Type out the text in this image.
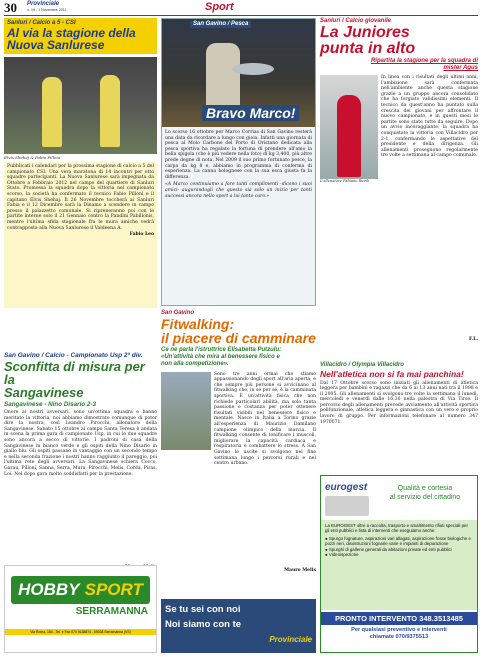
30 Provinciale
n. 19 - 1 Novembre 2011	Sport
Sanluri / Calcio a 5 - CSI
Al via la stagione della
Nuova Sanlurese
Elvis Shehaj & Fabio Pilloni

Pubblicati i calendari per la prossima stagione di calcio a 5 del campionato CSI. Una vera maratona di 14 incontri per otto squadre partecipanti. La Nuova Sanlurese sarà impegnata da Ottobre a Febbraio 2012 nel campo del quartiere di Sanluri Stato. Promossa la squadra dopo la vittoria nel campionato scorso, la società ha confermato il tecnico Fabio Pilloni e il capitano Elvis Shehaj. Il 26 Novembre toccherà ai Sanluri Fabia e il 12 Dicembre sarà la Dinamo a scendere in campo presso il palazzetto comunale. Si ripreneranno poi con le partite interne solo il 21 Gennaio contro la Pandini Pabillonis, mentre l'ultima sfida stagionale fra le mura amiche vedrà contrapposta alla Nuova Sanlurese il Valdeena A.

Fabio Leo
San Gavino / Calcio - Campionato Usp 2ª div.
Sconfitta di misura per la
Sangavinese
Sangavinese - Nino Disario 2-3

Onore ai nostri avversari, sono un'ottima squadra e hanno meritato la vittoria, noi abbiamo dimostrato comunque di poter dire la nostra, così Leandro Pirocchi, allenatore della Sangavinese. Sabato 15 ottobre al campo Santa Teresa è andata in scena la prima gara di campionato Usp, in cui le due squadre sono ancora a secco di vittorie. I padroni di casa della Sangavinese in bianco verde e gli ospiti della Nino Disario in giallo blu. Gli ospiti passano in vantaggio con un secondo tempo e nella seconda frazione i nostri hanno raggiunto il pareggio, poi l'ultima rete degli avversari. La Sangavinese schiera Cocco, Garau, Pilloni, Sanna, Serra, Mura, Pirocchi, Melis, Corda, Piras, Loi. Nel dopo gara molto soddisfatti per la prestazione.

HOBBY SPORT
SERRAMANNA
Via Roma, 184 - Tel. e Fax 070 9138874 - 09038 Serramanna (VS)
San Gavino / Pesca
Bravo Marco!

Lo scorso 16 ottobre per Marco Corrias di San Gavino resterà una data da ricordare a lungo con gioia. Infatti una giornata di pesca al Molo Carbone del Porto di Oristano dedicata alla pesca sportiva ha regalato la fortuna di prendere all'amo la bella spigola (che è più vedere nella foto) di kg 3,400, più altre prede degne di nota. Nel 2009 il suo primo fortunato pesce, la carpa da kg 8 e, abbiamo in programma di conferma di esperienza. La canna bolognese con la sua esca giusta fa la differenza.

«A Marco continuiamo a fare tanti complimenti -dicono i suoi amici- augurandogli che questo sia solo un inizio per tanti successi ancora nello sport a lui tanto caro.»

San Gavino
Fitwalking:
il piacere di camminare
Ce ne parla l'istruttrice Elisabetta Putzulu:
«Un'attività che mira al benessere fisico e
non alla competizione».

Sono tre anni ormai che stiamo appassionando degli sport all'aria aperta, e che sempre più persone si avvicinano al fitwalking che, in sé per sé, è la camminata sportiva. È un'attività fisica che non richiede particolari abilità, ma solo tanta passione e costanza per poter ottenere risultati visibili nel benessere fisico e mentale. Nasce in Italia a Torino grazie all'esperienza di Maurizio Damilano campione olimpico della marcia. Il fitwalking consente di tonificare i muscoli, migliorare la capacità cardiaca e respiratoria e combattere lo stress. A San Gavino le uscite si svolgono nel fine settimana lungo i percorsi rurali e nel centro urbano.

Mauro Melis
Se tu sei con noi
Noi siamo con te
Provinciale
Sanluri / Calcio giovanile
La Juniores
punta in alto
Ripartita la stagione per la squadra di
mister Agus
L'allenatore Fabiano Ruedi

In linea con i risultati degli ultimi anni, l'ambizione sarà confermata nell'ambiente anche questa stagione grazie a un gruppo ancora consolidato che ha forgiato validissimi elementi. Il tecnico da quest'anno ha puntato sulla crescita dei giovani per affrontare il nuovo campionato, e in questi mesi le partite sono state tutte da seguire. Dopo un avvio incoraggiante, la squadra ha conquistato la vittoria con Villacidro per 2-1, confermando le aspettative del presidente e della dirigenza. Gli allenamenti proseguono regolarmente tre volte a settimana al campo comunale.

F.L.
Villacidro / Olympia Villacidro
Nell'atletica non si fa mai panchina!

Dal 17 Ottobre scorso sono iniziati gli allenamenti di atletica leggera per bambini e ragazzi che da 6 ai 13 anni nati tra il 1998 e il 2005. Gli allenamenti si svolgono tre volte la settimana il lunedì, mercoledì e venerdì dalle 16,30 nella palestra di Via Tirso. Il percorso degli allenamenti prevede avviamento all'attività sportiva polifunzionale, atletica leggera e ginnastica con un vero e proprio lavoro di gruppo. Per informazioni telefonare al numero 347 1970071.

eurogest	Qualità e cortesia
al servizio del cittadino

La EUROGEST oltre a raccolta, trasporto e smaltimento rifiuti speciali per gli enti pubblici e lista di interventi che eseguiamo anche:

● Spurgo fognature, aspirazioni vari allagati, aspirazione fosse biologiche e pozzi neri, disostruzioni fognarie varie e impianti di depurazione
● Spurghi di gallerie generali da abitazioni private ed enti pubblici
● Videoispezione
PRONTO INTERVENTO 348.3513485
Per qualsiasi preventivo e interventi
chiamate 070/9375513
